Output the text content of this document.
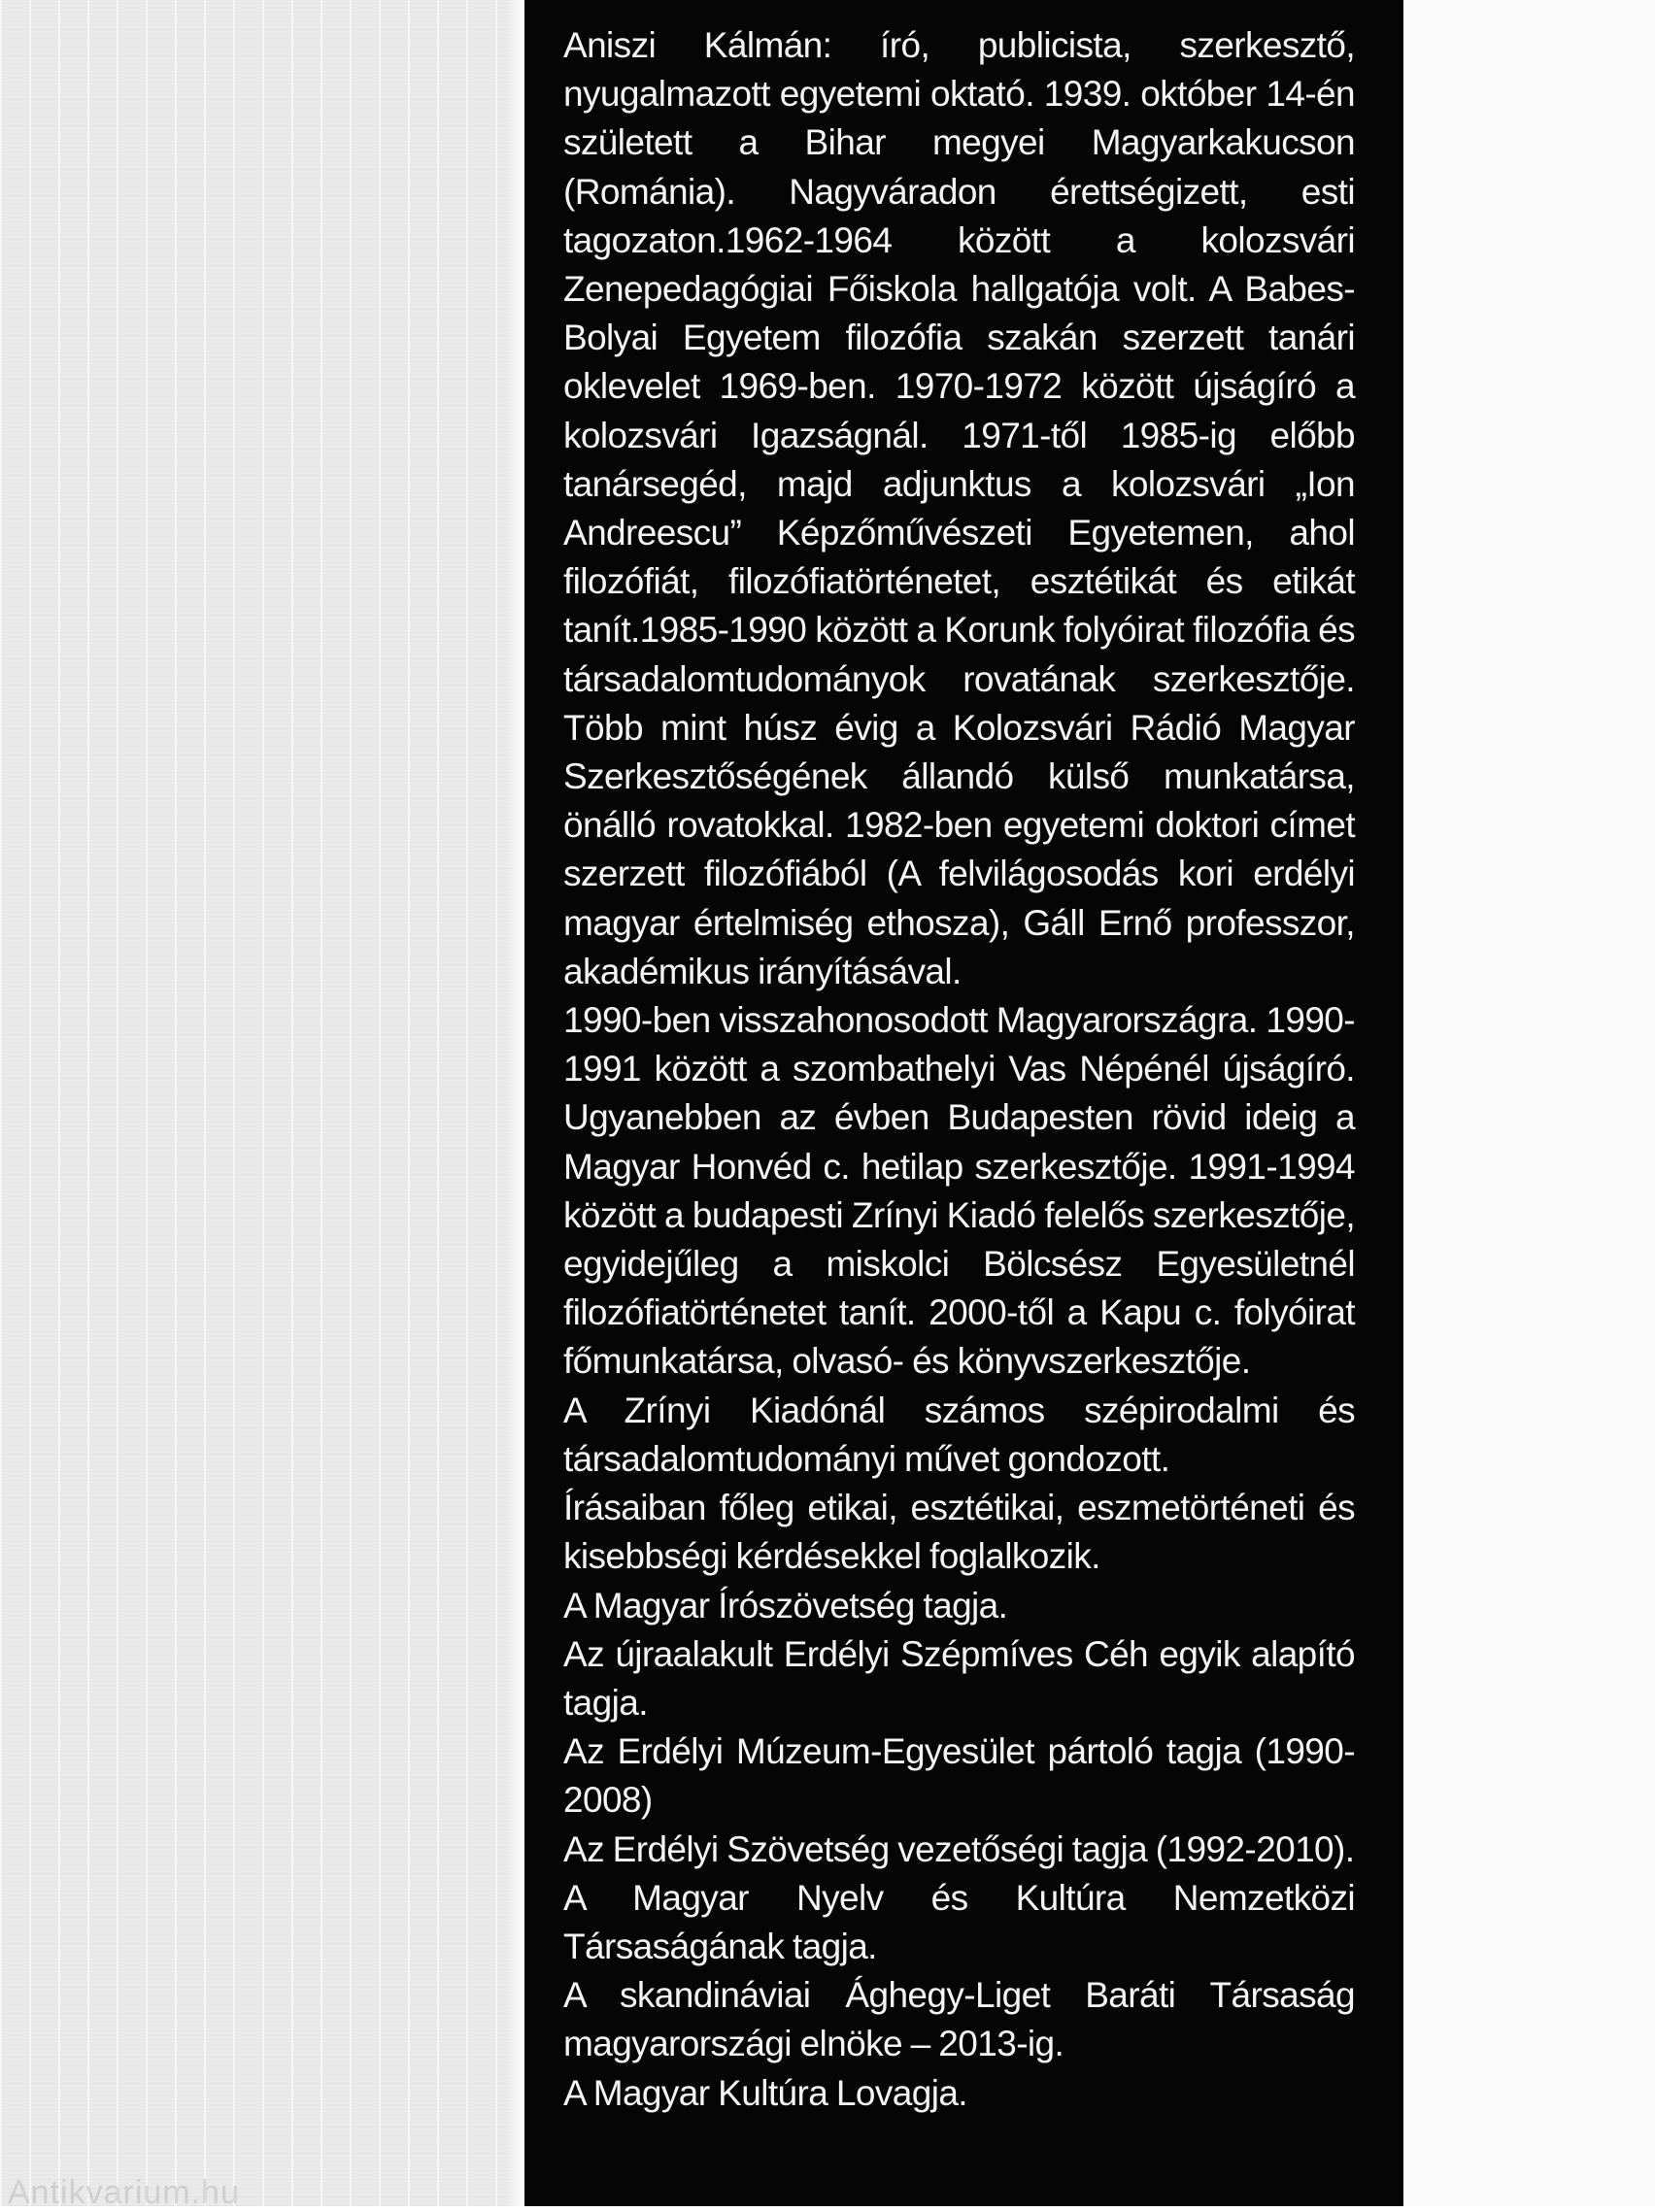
Aniszi Kálmán: író, publicista, szerkesztő, nyugalmazott egyetemi oktató. 1939. október 14-én született a Bihar megyei Magyarkakucson (Románia). Nagyváradon érettségizett, esti tagozaton.1962-1964 között a kolozsvári Zenepedagógiai Főiskola hallgatója volt. A Babes-Bolyai Egyetem filozófia szakán szerzett tanári oklevelet 1969-ben. 1970-1972 között újságíró a kolozsvári Igazságnál. 1971-től 1985-ig előbb tanársegéd, majd adjunktus a kolozsvári „Ion Andreescu” Képzőművészeti Egyetemen, ahol filozófiát, filozófiatörténetet, esztétikát és etikát tanít.1985-1990 között a Korunk folyóirat filozófia és társadalomtudományok rovatának szerkesztője. Több mint húsz évig a Kolozsvári Rádió Magyar Szerkesztőségének állandó külső munkatársa, önálló rovatokkal. 1982-ben egyetemi doktori címet szerzett filozófiából (A felvilágosodás kori erdélyi magyar értelmiség ethosza), Gáll Ernő professzor, akadémikus irányításával.

1990-ben visszahonosodott Magyarországra. 1990-1991 között a szombathelyi Vas Népénél újságíró. Ugyanebben az évben Budapesten rövid ideig a Magyar Honvéd c. hetilap szerkesztője. 1991-1994 között a budapesti Zrínyi Kiadó felelős szerkesztője, egyidejűleg a miskolci Bölcsész Egyesületnél filozófiatörténetet tanít. 2000-től a Kapu c. folyóirat főmunkatársa, olvasó- és könyvszerkesztője.

A Zrínyi Kiadónál számos szépirodalmi és társadalomtudományi művet gondozott.

Írásaiban főleg etikai, esztétikai, eszmetörténeti és kisebbségi kérdésekkel foglalkozik.

A Magyar Írószövetség tagja.

Az újraalakult Erdélyi Szépmíves Céh egyik alapító tagja.

Az Erdélyi Múzeum-Egyesület pártoló tagja (1990-2008)

Az Erdélyi Szövetség vezetőségi tagja (1992-2010).

A Magyar Nyelv és Kultúra Nemzetközi Társaságának tagja.

A skandináviai Ághegy-Liget Baráti Társaság magyarországi elnöke – 2013-ig.

A Magyar Kultúra Lovagja.

Antikvarium.hu
